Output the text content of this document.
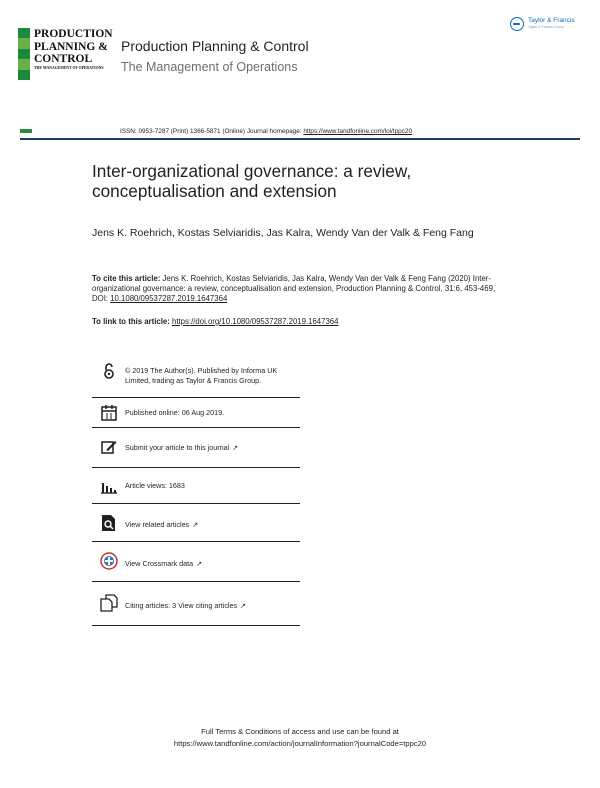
PRODUCTION
PLANNING &
CONTROL
THE MANAGEMENT OF OPERATIONS
Production Planning & Control
The Management of Operations
Taylor & Francis
Taylor & Francis Group
ISSN: 0953-7287 (Print) 1366-5871 (Online) Journal homepage: https://www.tandfonline.com/loi/tppc20
Inter-organizational governance: a review, conceptualisation and extension
Jens K. Roehrich, Kostas Selviaridis, Jas Kalra, Wendy Van der Valk & Feng Fang
To cite this article: Jens K. Roehrich, Kostas Selviaridis, Jas Kalra, Wendy Van der Valk & Feng Fang (2020) Inter-organizational governance: a review, conceptualisation and extension, Production Planning & Control, 31:6, 453-469, DOI: 10.1080/09537287.2019.1647364
To link to this article: https://doi.org/10.1080/09537287.2019.1647364
© 2019 The Author(s). Published by Informa UK Limited, trading as Taylor & Francis Group.
Published online: 06 Aug 2019.
Submit your article to this journal ↗
Article views: 1683
View related articles ↗
View Crossmark data ↗
Citing articles: 3 View citing articles ↗
Full Terms & Conditions of access and use can be found at
https://www.tandfonline.com/action/journalInformation?journalCode=tppc20
